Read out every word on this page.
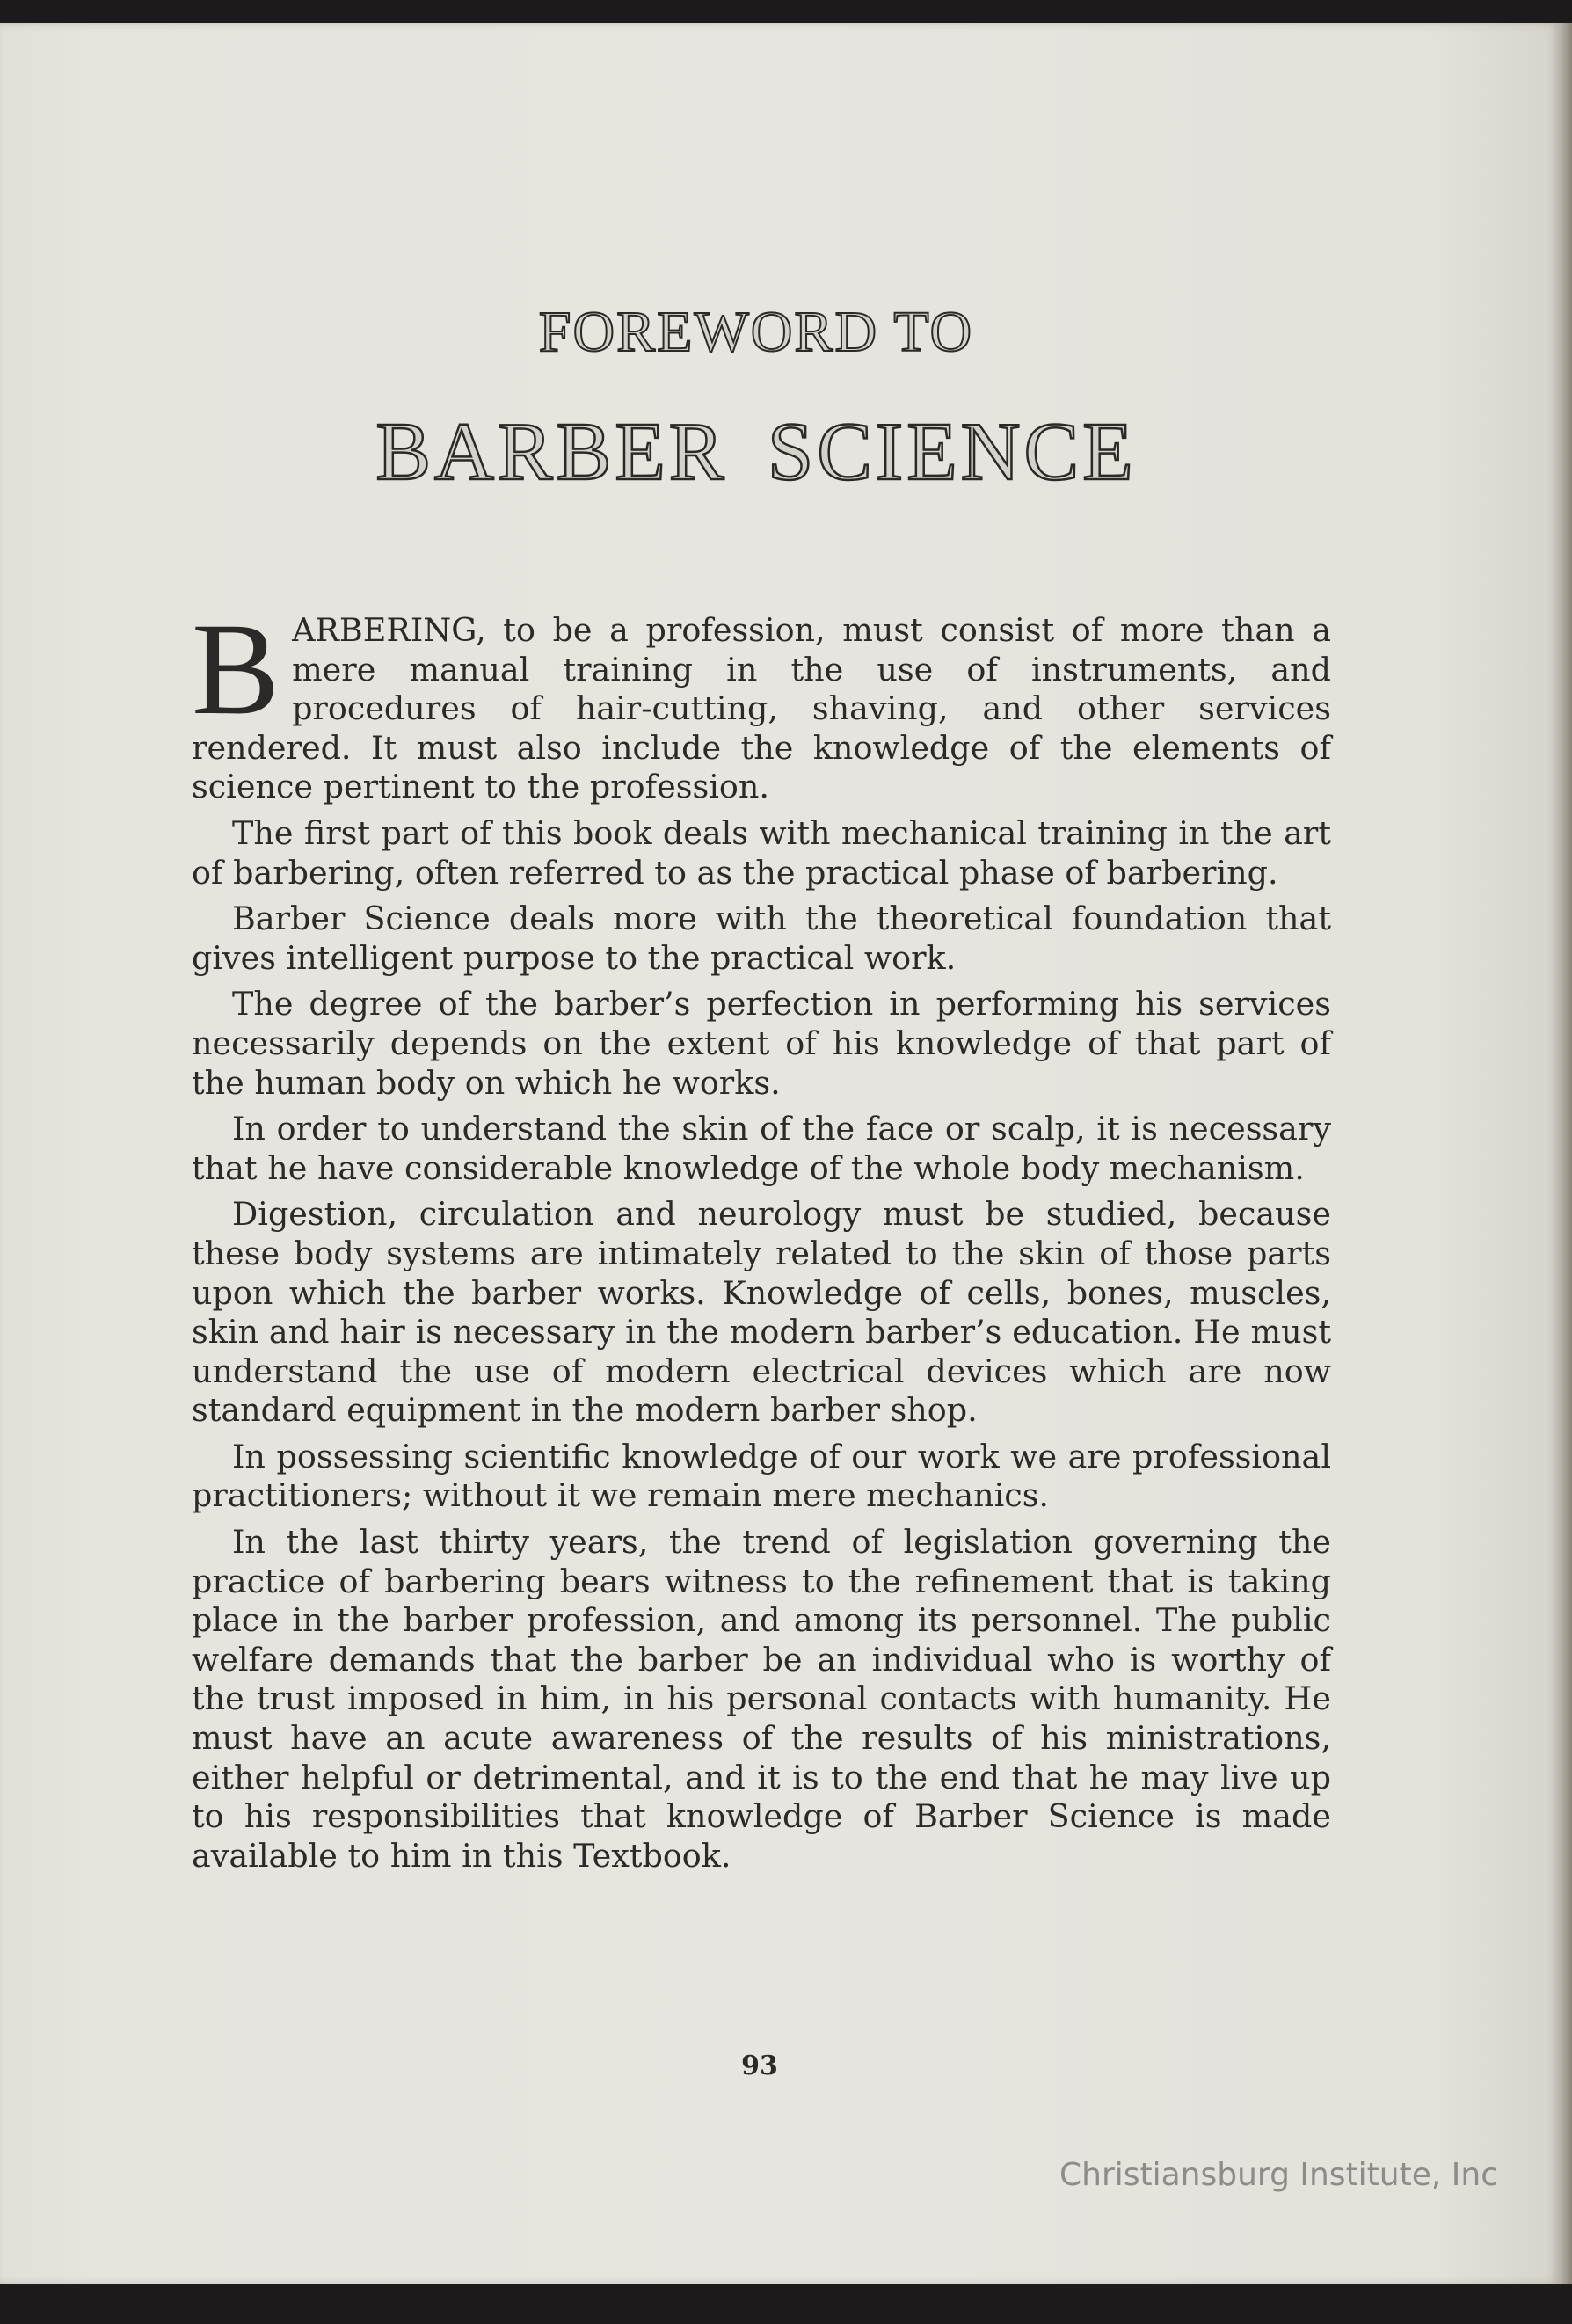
FOREWORD TO
BARBER SCIENCE

BARBERING, to be a profession, must consist of more than a mere manual training in the use of instruments, and procedures of hair-cutting, shaving, and other services rendered. It must also include the knowledge of the elements of science pertinent to the profession.

The first part of this book deals with mechanical training in the art of barbering, often referred to as the practical phase of barbering.

Barber Science deals more with the theoretical foundation that gives intelligent purpose to the practical work.

The degree of the barber’s perfection in performing his services necessarily depends on the extent of his knowledge of that part of the human body on which he works.

In order to understand the skin of the face or scalp, it is necessary that he have considerable knowledge of the whole body mechanism.

Digestion, circulation and neurology must be studied, because these body systems are intimately related to the skin of those parts upon which the barber works. Knowledge of cells, bones, muscles, skin and hair is necessary in the modern barber’s education. He must understand the use of modern electrical devices which are now standard equipment in the modern barber shop.

In possessing scientific knowledge of our work we are professional practitioners; without it we remain mere mechanics.

In the last thirty years, the trend of legislation governing the practice of barbering bears witness to the refinement that is taking place in the barber profession, and among its personnel. The public welfare demands that the barber be an individual who is worthy of the trust imposed in him, in his personal contacts with humanity. He must have an acute awareness of the results of his ministrations, either helpful or detrimental, and it is to the end that he may live up to his responsibilities that knowledge of Barber Science is made available to him in this Textbook.

93
Christiansburg Institute, Inc
